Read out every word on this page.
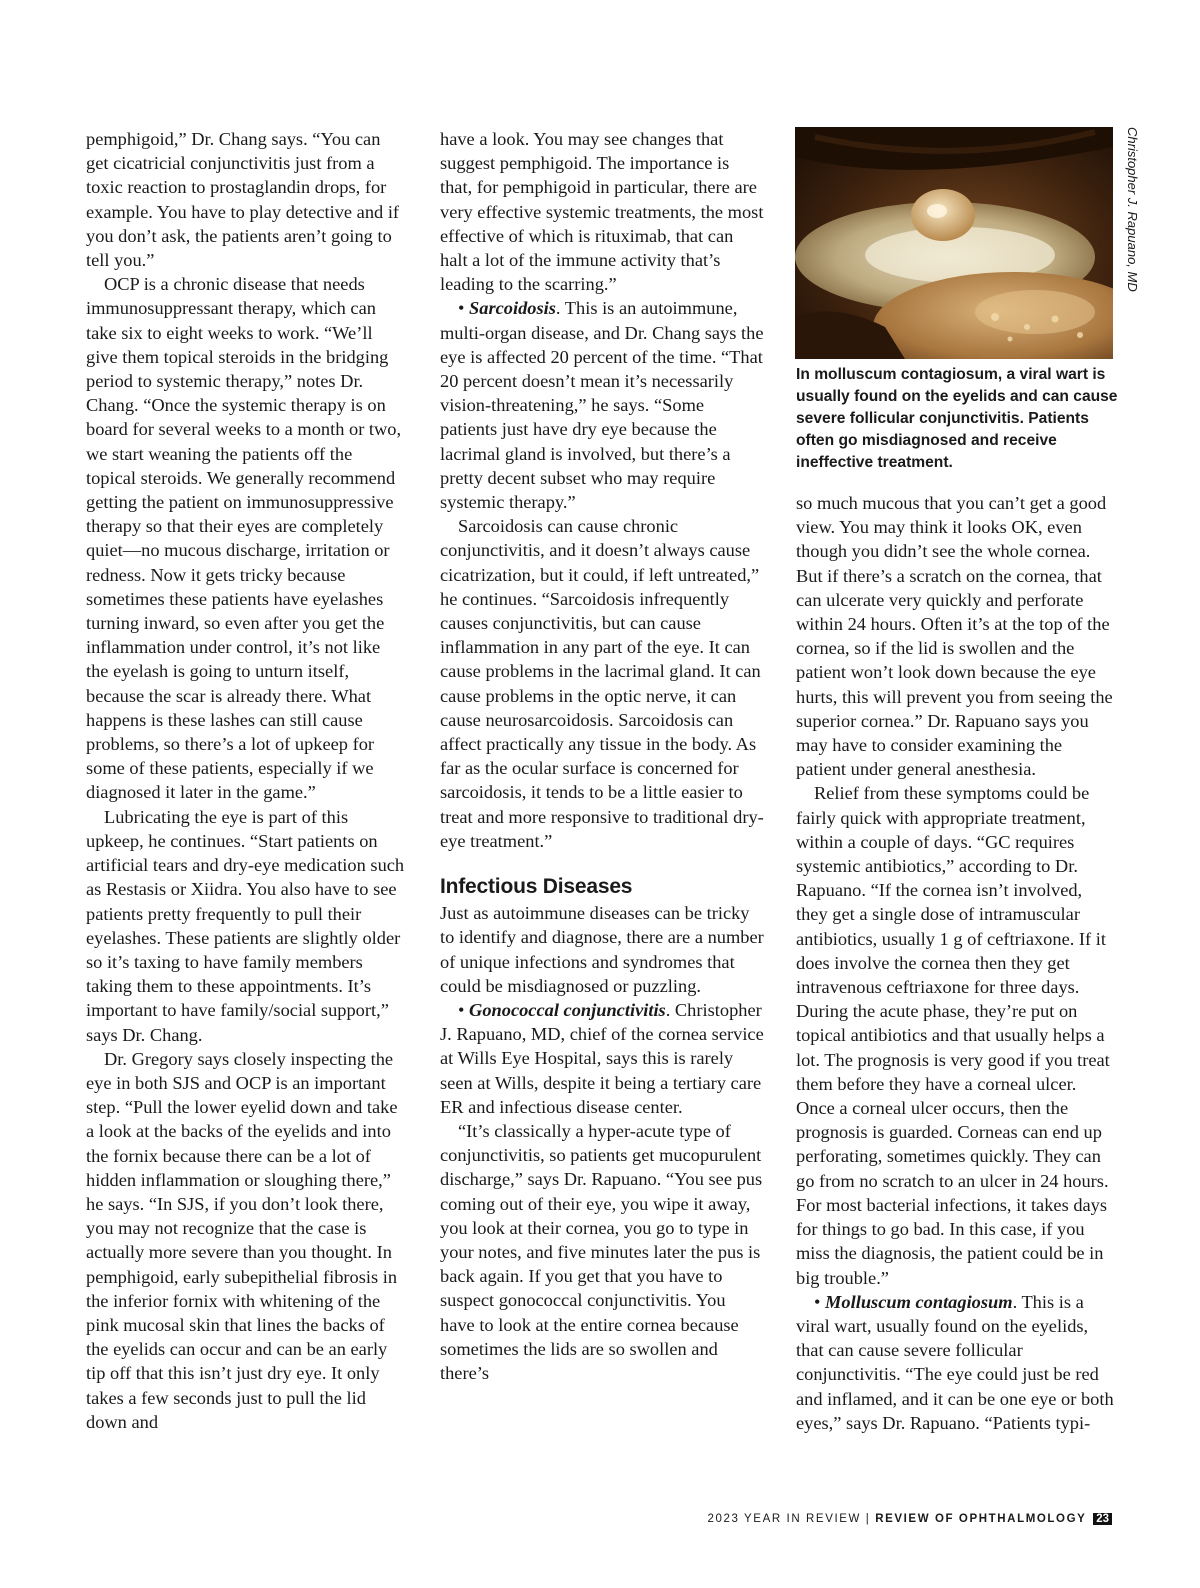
pemphigoid,” Dr. Chang says. “You can get cicatricial conjunctivitis just from a toxic reaction to prostaglandin drops, for example. You have to play detective and if you don’t ask, the patients aren’t going to tell you.”

OCP is a chronic disease that needs immunosuppressant therapy, which can take six to eight weeks to work. “We’ll give them topical steroids in the bridging period to systemic therapy,” notes Dr. Chang. “Once the systemic therapy is on board for several weeks to a month or two, we start weaning the patients off the topical steroids. We generally recommend getting the patient on immunosuppressive therapy so that their eyes are completely quiet—no mucous discharge, irritation or redness. Now it gets tricky because sometimes these patients have eyelashes turning inward, so even after you get the inflammation under control, it’s not like the eyelash is going to unturn itself, because the scar is already there. What happens is these lashes can still cause problems, so there’s a lot of upkeep for some of these patients, especially if we diagnosed it later in the game.”

Lubricating the eye is part of this upkeep, he continues. “Start patients on artificial tears and dry-eye medication such as Restasis or Xiidra. You also have to see patients pretty frequently to pull their eyelashes. These patients are slightly older so it’s taxing to have family members taking them to these appointments. It’s important to have family/social support,” says Dr. Chang.

Dr. Gregory says closely inspecting the eye in both SJS and OCP is an important step. “Pull the lower eyelid down and take a look at the backs of the eyelids and into the fornix because there can be a lot of hidden inflammation or sloughing there,” he says. “In SJS, if you don’t look there, you may not recognize that the case is actually more severe than you thought. In pemphigoid, early subepithelial fibrosis in the inferior fornix with whitening of the pink mucosal skin that lines the backs of the eyelids can occur and can be an early tip off that this isn’t just dry eye. It only takes a few seconds just to pull the lid down and

have a look. You may see changes that suggest pemphigoid. The importance is that, for pemphigoid in particular, there are very effective systemic treatments, the most effective of which is rituximab, that can halt a lot of the immune activity that’s leading to the scarring.”

• Sarcoidosis. This is an autoimmune, multi-organ disease, and Dr. Chang says the eye is affected 20 percent of the time. “That 20 percent doesn’t mean it’s necessarily vision-threatening,” he says. “Some patients just have dry eye because the lacrimal gland is involved, but there’s a pretty decent subset who may require systemic therapy.”

Sarcoidosis can cause chronic conjunctivitis, and it doesn’t always cause cicatrization, but it could, if left untreated,” he continues. “Sarcoidosis infrequently causes conjunctivitis, but can cause inflammation in any part of the eye. It can cause problems in the lacrimal gland. It can cause problems in the optic nerve, it can cause neurosarcoidosis. Sarcoidosis can affect practically any tissue in the body. As far as the ocular surface is concerned for sarcoidosis, it tends to be a little easier to treat and more responsive to traditional dry-eye treatment.”

Infectious Diseases

Just as autoimmune diseases can be tricky to identify and diagnose, there are a number of unique infections and syndromes that could be misdiagnosed or puzzling.

• Gonococcal conjunctivitis. Christopher J. Rapuano, MD, chief of the cornea service at Wills Eye Hospital, says this is rarely seen at Wills, despite it being a tertiary care ER and infectious disease center.

“It’s classically a hyper-acute type of conjunctivitis, so patients get mucopurulent discharge,” says Dr. Rapuano. “You see pus coming out of their eye, you wipe it away, you look at their cornea, you go to type in your notes, and five minutes later the pus is back again. If you get that you have to suspect gonococcal conjunctivitis. You have to look at the entire cornea because sometimes the lids are so swollen and there’s

Christopher J. Rapuano, MD
In molluscum contagiosum, a viral wart is usually found on the eyelids and can cause severe follicular conjunctivitis. Patients often go misdiagnosed and receive ineffective treatment.

so much mucous that you can’t get a good view. You may think it looks OK, even though you didn’t see the whole cornea. But if there’s a scratch on the cornea, that can ulcerate very quickly and perforate within 24 hours. Often it’s at the top of the cornea, so if the lid is swollen and the patient won’t look down because the eye hurts, this will prevent you from seeing the superior cornea.” Dr. Rapuano says you may have to consider examining the patient under general anesthesia.

Relief from these symptoms could be fairly quick with appropriate treatment, within a couple of days. “GC requires systemic antibiotics,” according to Dr. Rapuano. “If the cornea isn’t involved, they get a single dose of intramuscular antibiotics, usually 1 g of ceftriaxone. If it does involve the cornea then they get intravenous ceftriaxone for three days. During the acute phase, they’re put on topical antibiotics and that usually helps a lot. The prognosis is very good if you treat them before they have a corneal ulcer. Once a corneal ulcer occurs, then the prognosis is guarded. Corneas can end up perforating, sometimes quickly. They can go from no scratch to an ulcer in 24 hours. For most bacterial infections, it takes days for things to go bad. In this case, if you miss the diagnosis, the patient could be in big trouble.”

• Molluscum contagiosum. This is a viral wart, usually found on the eyelids, that can cause severe follicular conjunctivitis. “The eye could just be red and inflamed, and it can be one eye or both eyes,” says Dr. Rapuano. “Patients typi-

2023 YEAR IN REVIEW | REVIEW OF OPHTHALMOLOGY 23
